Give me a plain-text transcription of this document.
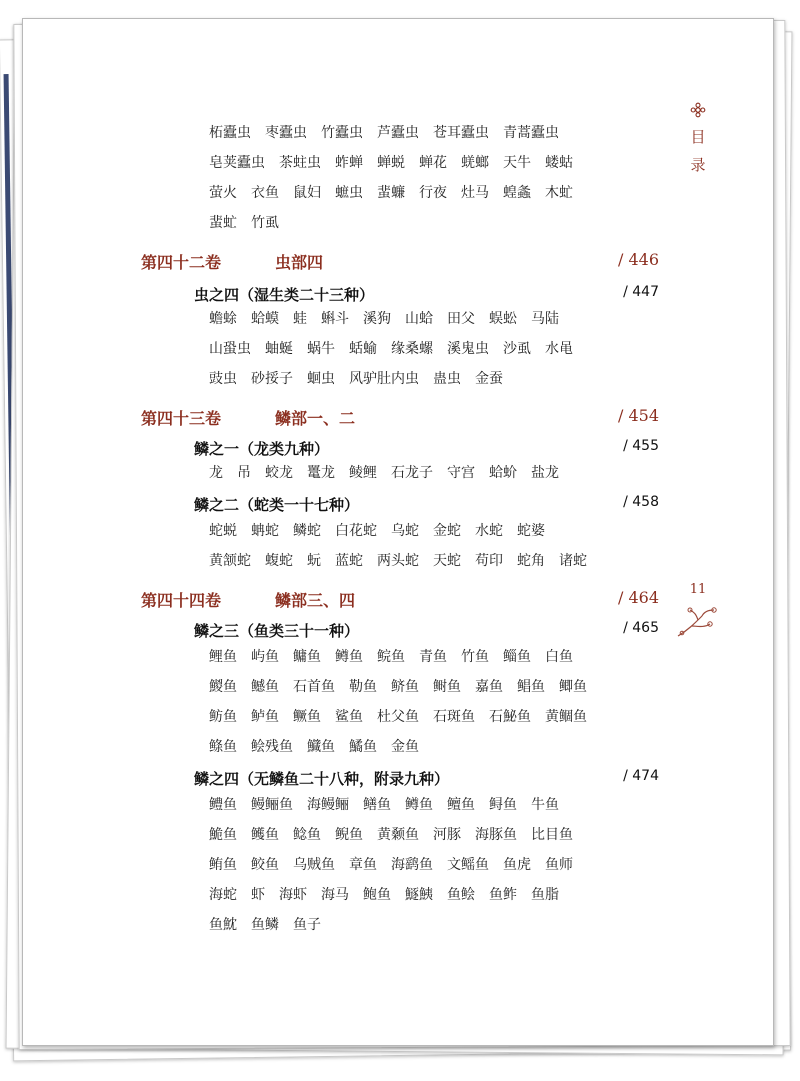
目
录
11
柘蠹虫 枣蠹虫 竹蠹虫 芦蠹虫 苍耳蠹虫 青蒿蠹虫
皂荚蠹虫 茶蛀虫 蚱蝉 蝉蜕 蝉花 蜣螂 天牛 蝼蛄
萤火 衣鱼 鼠妇 蟅虫 蜚蠊 行夜 灶马 蝗螽 木虻
蜚虻 竹虱
第四十二卷	虫部四	/ 446
虫之四（湿生类二十三种）	/ 447
蟾蜍 蛤蟆 蛙 蝌斗 溪狗 山蛤 田父 蜈蚣 马陆
山蛩虫 蚰蜒 蜗牛 蛞蝓 缘桑螺 溪鬼虫 沙虱 水黾
豉虫 砂挼子 蛔虫 风驴肚内虫 蛊虫 金蚕
第四十三卷	鳞部一、二	/ 454
鳞之一（龙类九种）	/ 455
龙 吊 蛟龙 鼍龙 鲮鲤 石龙子 守宫 蛤蚧 盐龙
鳞之二（蛇类一十七种）	/ 458
蛇蜕 蚺蛇 鳞蛇 白花蛇 乌蛇 金蛇 水蛇 蛇婆
黄颔蛇 蝮蛇 蚖 蓝蛇 两头蛇 天蛇 苟印 蛇角 诸蛇
第四十四卷	鳞部三、四	/ 464
鳞之三（鱼类三十一种）	/ 465
鲤鱼 屿鱼 鳙鱼 鳟鱼 鲩鱼 青鱼 竹鱼 鲻鱼 白鱼
鯼鱼 鳡鱼 石首鱼 勒鱼 鲚鱼 鲥鱼 嘉鱼 鲳鱼 鲫鱼
鲂鱼 鲈鱼 鳜鱼 鲨鱼 杜父鱼 石斑鱼 石鮅鱼 黄鲴鱼
鲦鱼 鲙残鱼 鱵鱼 鱊鱼 金鱼
鳞之四（无鳞鱼二十八种，附录九种）	/ 474
鳢鱼 鳗鲡鱼 海鳗鲡 鳝鱼 鳟鱼 鳣鱼 鲟鱼 牛鱼
鮠鱼 鳠鱼 鲶鱼 鲵鱼 黄颡鱼 河豚 海豚鱼 比目鱼
鲔鱼 鲛鱼 乌贼鱼 章鱼 海鹞鱼 文鳐鱼 鱼虎 鱼师
海蛇 虾 海虾 海马 鲍鱼 鱁鮧 鱼鲙 鱼鲊 鱼脂
鱼魫 鱼鳞 鱼子
